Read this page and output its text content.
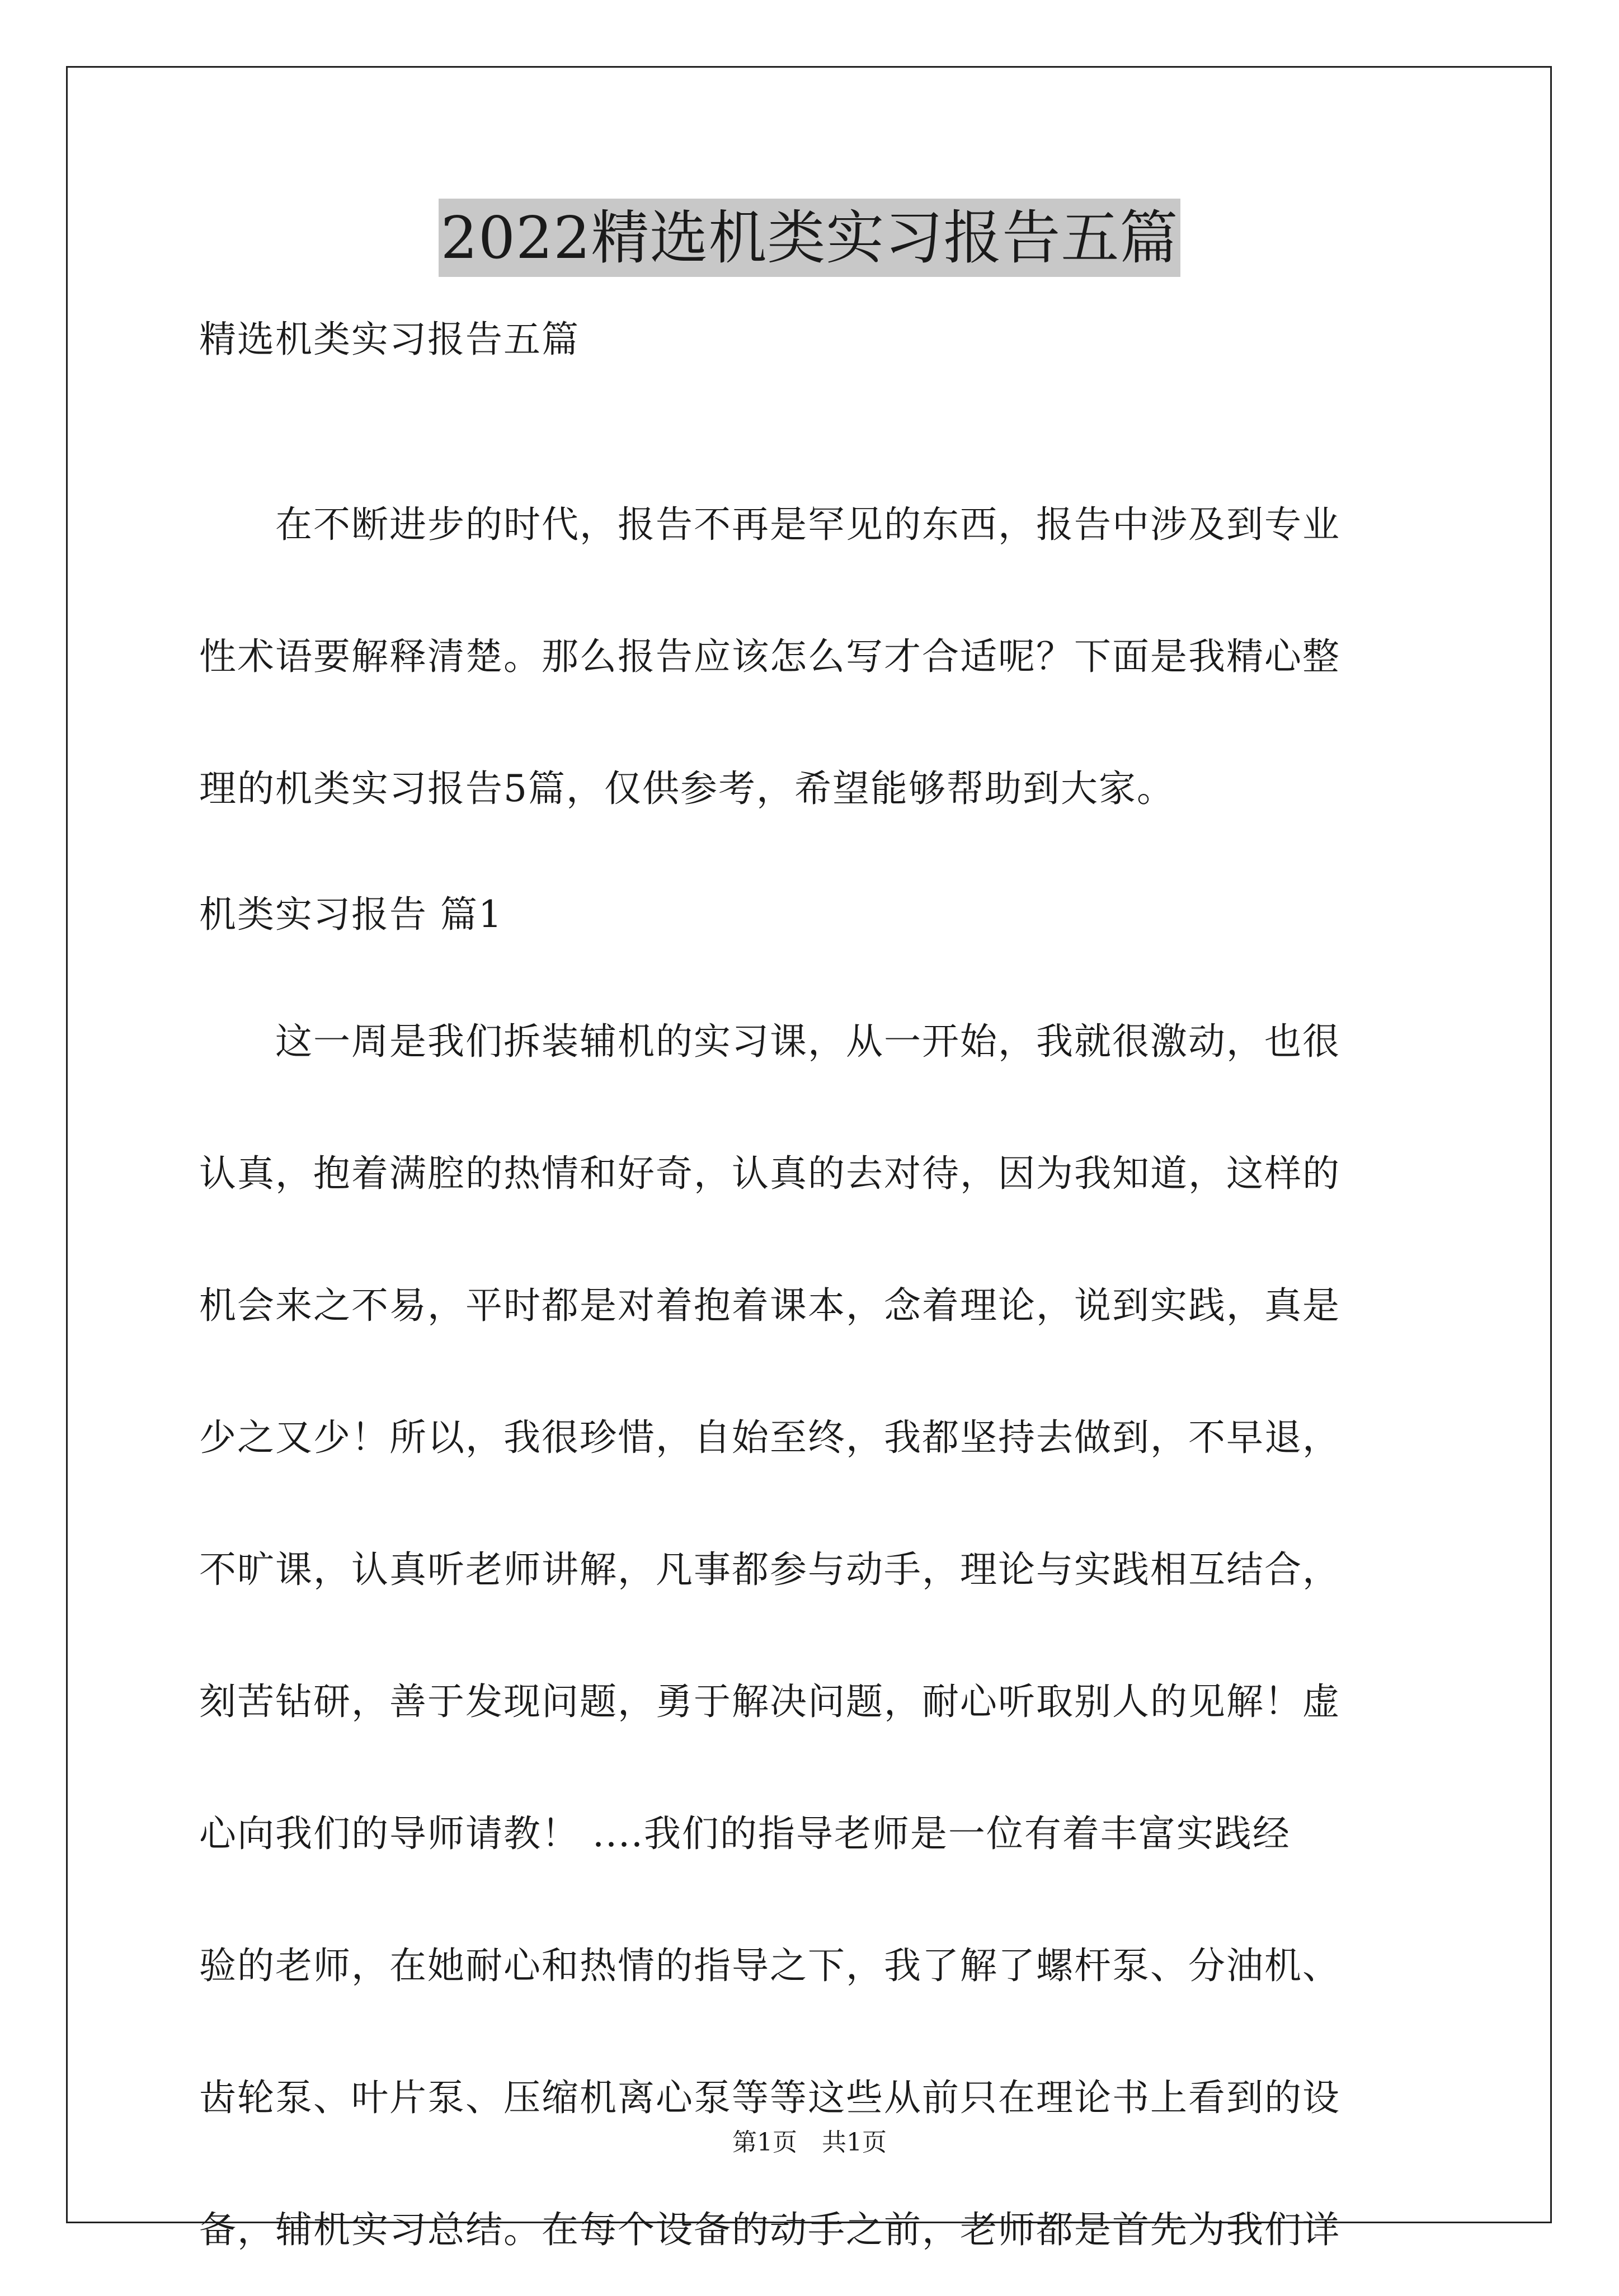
2022精选机类实习报告五篇
精选机类实习报告五篇
　　在不断进步的时代，报告不再是罕见的东西，报告中涉及到专业
性术语要解释清楚。那么报告应该怎么写才合适呢？下面是我精心整
理的机类实习报告5篇，仅供参考，希望能够帮助到大家。
机类实习报告 篇1
　　这一周是我们拆装辅机的实习课，从一开始，我就很激动，也很
认真，抱着满腔的热情和好奇，认真的去对待，因为我知道，这样的
机会来之不易，平时都是对着抱着课本，念着理论，说到实践，真是
少之又少！所以，我很珍惜，自始至终，我都坚持去做到，不早退，
不旷课，认真听老师讲解，凡事都参与动手，理论与实践相互结合，
刻苦钻研，善于发现问题，勇于解决问题，耐心听取别人的见解！虚
心向我们的导师请教！ ....我们的指导老师是一位有着丰富实践经
验的老师，在她耐心和热情的指导之下，我了解了螺杆泵、分油机、
齿轮泵、叶片泵、压缩机离心泵等等这些从前只在理论书上看到的设
备，辅机实习总结。在每个设备的动手之前，老师都是首先为我们详
第1页　共1页
